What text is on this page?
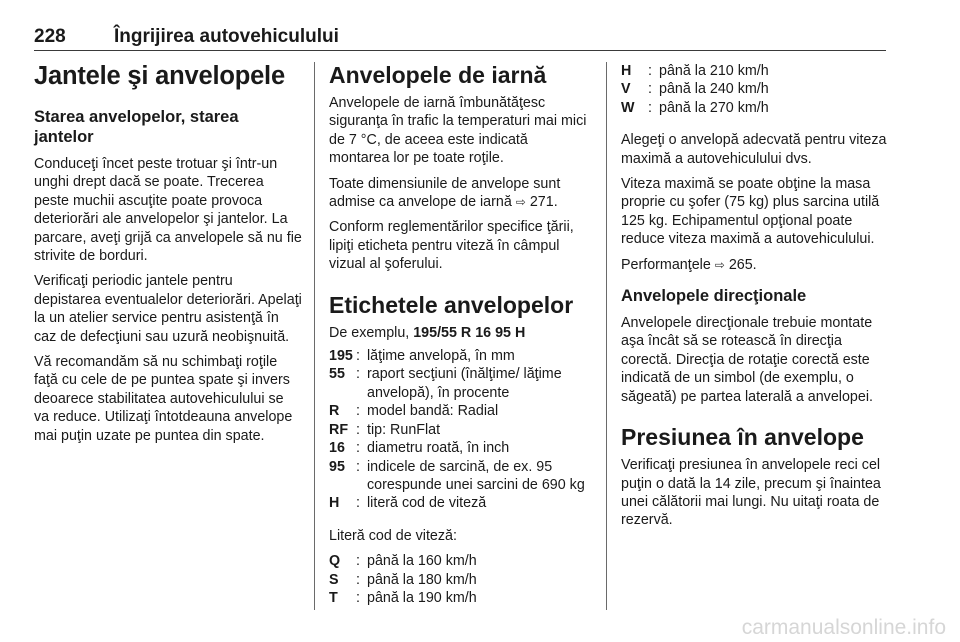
228	Îngrijirea autovehiculului
Jantele şi anvelopele
Starea anvelopelor, starea jantelor

Conduceţi încet peste trotuar şi într-un unghi drept dacă se poate. Trecerea peste muchii ascuţite poate provoca deteriorări ale anvelopelor şi jantelor. La parcare, aveţi grijă ca anvelopele să nu fie strivite de borduri.

Verificaţi periodic jantele pentru depistarea eventualelor deteriorări. Apelaţi la un atelier service pentru asistenţă în caz de defecţiuni sau uzură neobişnuită.

Vă recomandăm să nu schimbaţi roţile faţă cu cele de pe puntea spate şi invers deoarece stabilitatea autovehiculului se va reduce. Utilizaţi întotdeauna anvelope mai puţin uzate pe puntea din spate.

Anvelopele de iarnă

Anvelopele de iarnă îmbunătăţesc siguranţa în trafic la temperaturi mai mici de 7 °C, de aceea este indicată montarea lor pe toate roţile.

Toate dimensiunile de anvelope sunt admise ca anvelope de iarnă ⇨ 271.

Conform reglementărilor specifice ţării, lipiţi eticheta pentru viteză în câmpul vizual al şoferului.

Etichetele anvelopelor

De exemplu, 195/55 R 16 95 H

195 : lăţime anvelopă, în mm
55 : raport secţiuni (înălţime/ lăţime anvelopă), în procente
R	: model bandă: Radial
RF : tip: RunFlat
16 : diametru roată, în inch
95 : indicele de sarcină, de ex. 95 corespunde unei sarcini de 690 kg
H	: literă cod de viteză

Literă cod de viteză:

Q	: până la 160 km/h
S	: până la 180 km/h
T	: până la 190 km/h
H	: până la 210 km/h
V	: până la 240 km/h
W : până la 270 km/h

Alegeţi o anvelopă adecvată pentru viteza maximă a autovehiculului dvs.

Viteza maximă se poate obţine la masa proprie cu şofer (75 kg) plus sarcina utilă 125 kg. Echipamentul opţional poate reduce viteza maximă a autovehiculului.

Performanţele ⇨ 265.

Anvelopele direcţionale

Anvelopele direcţionale trebuie montate aşa încât să se rotească în direcţia corectă. Direcţia de rotaţie corectă este indicată de un simbol (de exemplu, o săgeată) pe partea laterală a anvelopei.

Presiunea în anvelope

Verificaţi presiunea în anvelopele reci cel puţin o dată la 14 zile, precum şi înaintea unei călătorii mai lungi. Nu uitaţi roata de rezervă.

carmanualsonline.info
